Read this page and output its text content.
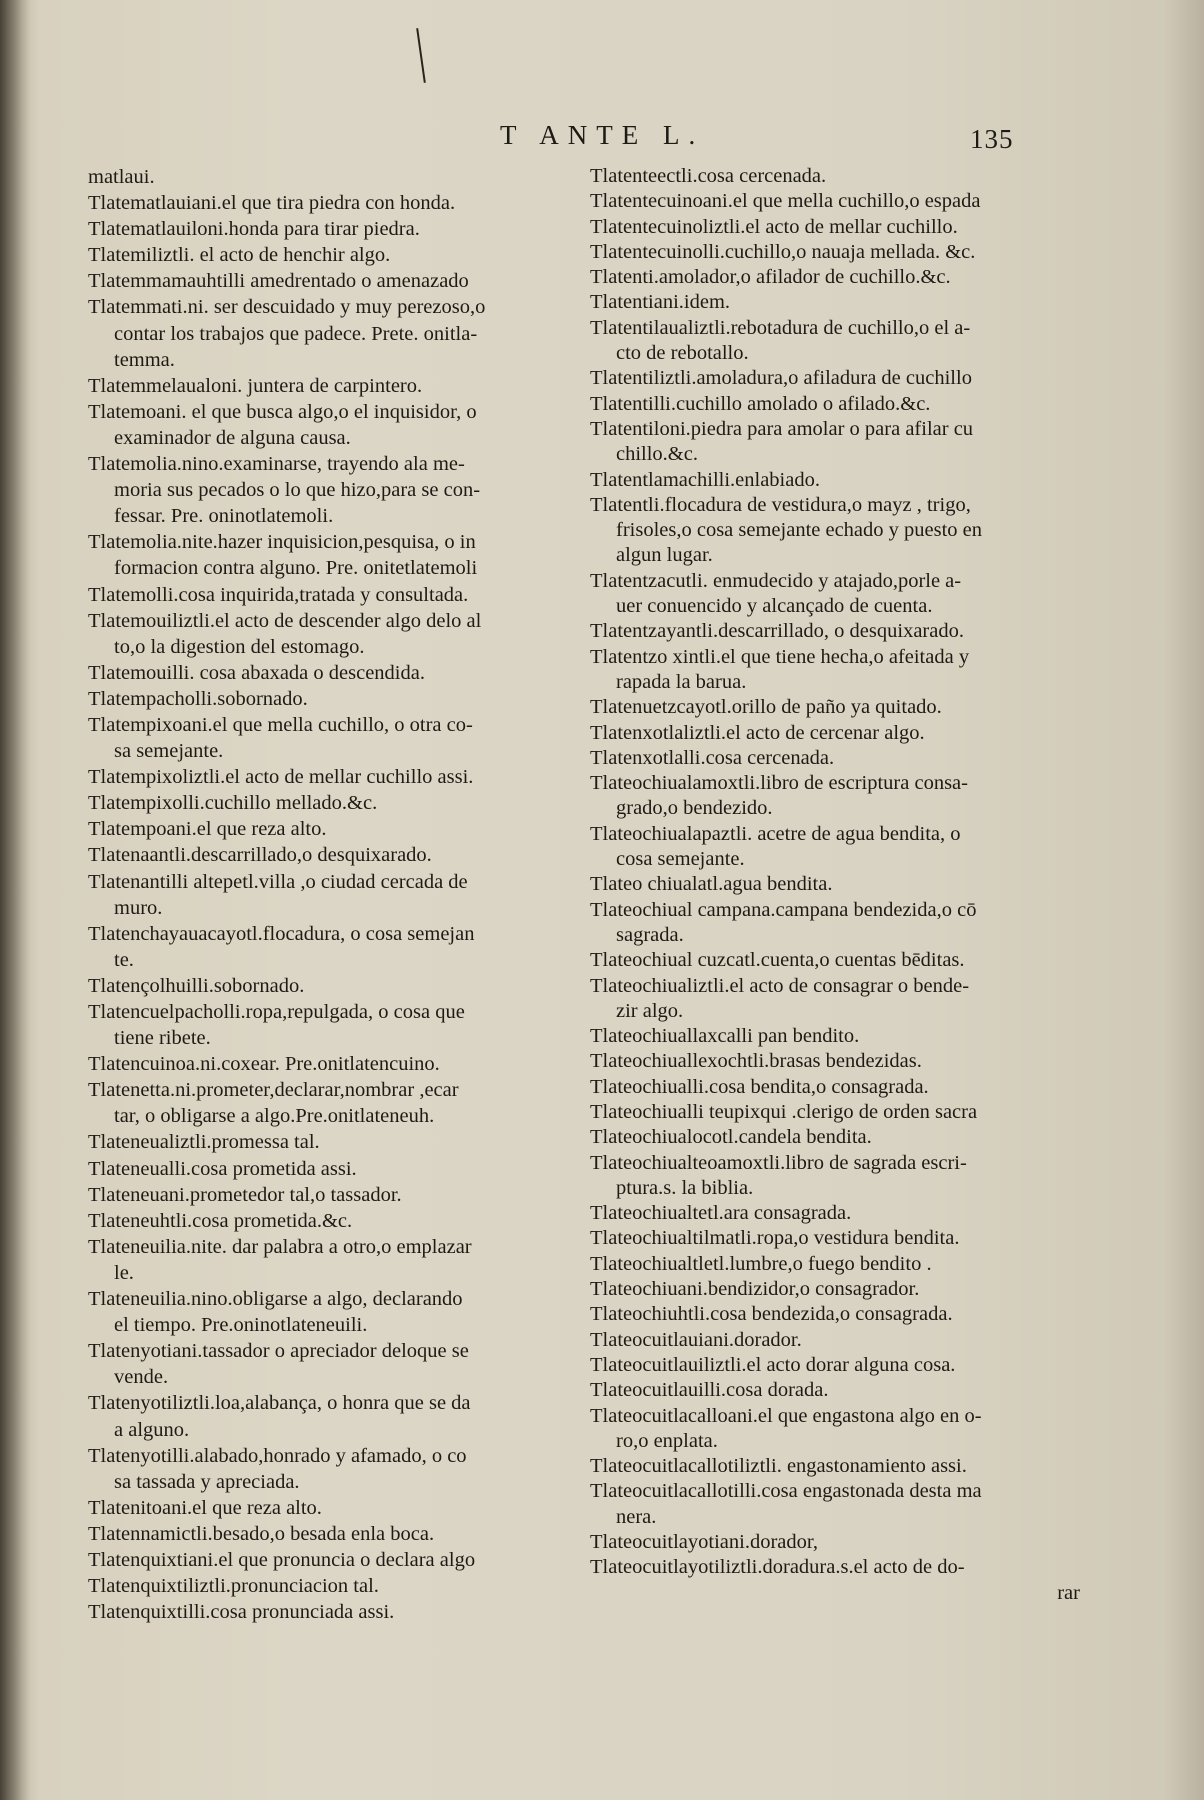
T ANTE L.	135
matlaui.
Tlatematlauiani.el que tira piedra con honda.
Tlatematlauiloni.honda para tirar piedra.
Tlatemiliztli. el acto de henchir algo.
Tlatemmamauhtilli amedrentado o amenazado
Tlatemmati.ni. ser descuidado y muy perezoso,o
contar los trabajos que padece. Prete. onitla-
temma.
Tlatemmelaualoni. juntera de carpintero.
Tlatemoani. el que busca algo,o el inquisidor, o
examinador de alguna causa.
Tlatemolia.nino.examinarse, trayendo ala me-
moria sus pecados o lo que hizo,para se con-
fessar. Pre. oninotlatemoli.
Tlatemolia.nite.hazer inquisicion,pesquisa, o in
formacion contra alguno. Pre. onitetlatemoli
Tlatemolli.cosa inquirida,tratada y consultada.
Tlatemouiliztli.el acto de descender algo delo al
to,o la digestion del estomago.
Tlatemouilli. cosa abaxada o descendida.
Tlatempacholli.sobornado.
Tlatempixoani.el que mella cuchillo, o otra co-
sa semejante.
Tlatempixoliztli.el acto de mellar cuchillo assi.
Tlatempixolli.cuchillo mellado.&c.
Tlatempoani.el que reza alto.
Tlatenaantli.descarrillado,o desquixarado.
Tlatenantilli altepetl.villa ,o ciudad cercada de
muro.
Tlatenchayauacayotl.flocadura, o cosa semejan
te.
Tlatençolhuilli.sobornado.
Tlatencuelpacholli.ropa,repulgada, o cosa que
tiene ribete.
Tlatencuinoa.ni.coxear. Pre.onitlatencuino.
Tlatenetta.ni.prometer,declarar,nombrar ,ecar
tar, o obligarse a algo.Pre.onitlateneuh.
Tlateneualiztli.promessa tal.
Tlateneualli.cosa prometida assi.
Tlateneuani.prometedor tal,o tassador.
Tlateneuhtli.cosa prometida.&c.
Tlateneuilia.nite. dar palabra a otro,o emplazar
le.
Tlateneuilia.nino.obligarse a algo, declarando
el tiempo. Pre.oninotlateneuili.
Tlatenyotiani.tassador o apreciador deloque se
vende.
Tlatenyotiliztli.loa,alabança, o honra que se da
a alguno.
Tlatenyotilli.alabado,honrado y afamado, o co
sa tassada y apreciada.
Tlatenitoani.el que reza alto.
Tlatennamictli.besado,o besada enla boca.
Tlatenquixtiani.el que pronuncia o declara algo
Tlatenquixtiliztli.pronunciacion tal.
Tlatenquixtilli.cosa pronunciada assi.
Tlatenteectli.cosa cercenada.
Tlatentecuinoani.el que mella cuchillo,o espada
Tlatentecuinoliztli.el acto de mellar cuchillo.
Tlatentecuinolli.cuchillo,o nauaja mellada. &c.
Tlatenti.amolador,o afilador de cuchillo.&c.
Tlatentiani.idem.
Tlatentilaualiztli.rebotadura de cuchillo,o el a-
cto de rebotallo.
Tlatentiliztli.amoladura,o afiladura de cuchillo
Tlatentilli.cuchillo amolado o afilado.&c.
Tlatentiloni.piedra para amolar o para afilar cu
chillo.&c.
Tlatentlamachilli.enlabiado.
Tlatentli.flocadura de vestidura,o mayz , trigo,
frisoles,o cosa semejante echado y puesto en
algun lugar.
Tlatentzacutli. enmudecido y atajado,porle a-
uer conuencido y alcançado de cuenta.
Tlatentzayantli.descarrillado, o desquixarado.
Tlatentzo xintli.el que tiene hecha,o afeitada y
rapada la barua.
Tlatenuetzcayotl.orillo de paño ya quitado.
Tlatenxotlaliztli.el acto de cercenar algo.
Tlatenxotlalli.cosa cercenada.
Tlateochiualamoxtli.libro de escriptura consa-
grado,o bendezido.
Tlateochiualapaztli. acetre de agua bendita, o
cosa semejante.
Tlateo chiualatl.agua bendita.
Tlateochiual campana.campana bendezida,o cō
sagrada.
Tlateochiual cuzcatl.cuenta,o cuentas bēditas.
Tlateochiualiztli.el acto de consagrar o bende-
zir algo.
Tlateochiuallaxcalli pan bendito.
Tlateochiuallexochtli.brasas bendezidas.
Tlateochiualli.cosa bendita,o consagrada.
Tlateochiualli teupixqui .clerigo de orden sacra
Tlateochiualocotl.candela bendita.
Tlateochiualteoamoxtli.libro de sagrada escri-
ptura.s. la biblia.
Tlateochiualtetl.ara consagrada.
Tlateochiualtilmatli.ropa,o vestidura bendita.
Tlateochiualtletl.lumbre,o fuego bendito .
Tlateochiuani.bendizidor,o consagrador.
Tlateochiuhtli.cosa bendezida,o consagrada.
Tlateocuitlauiani.dorador.
Tlateocuitlauiliztli.el acto dorar alguna cosa.
Tlateocuitlauilli.cosa dorada.
Tlateocuitlacalloani.el que engastona algo en o-
ro,o enplata.
Tlateocuitlacallotiliztli. engastonamiento assi.
Tlateocuitlacallotilli.cosa engastonada desta ma
nera.
Tlateocuitlayotiani.dorador,
Tlateocuitlayotiliztli.doradura.s.el acto de do-
rar
